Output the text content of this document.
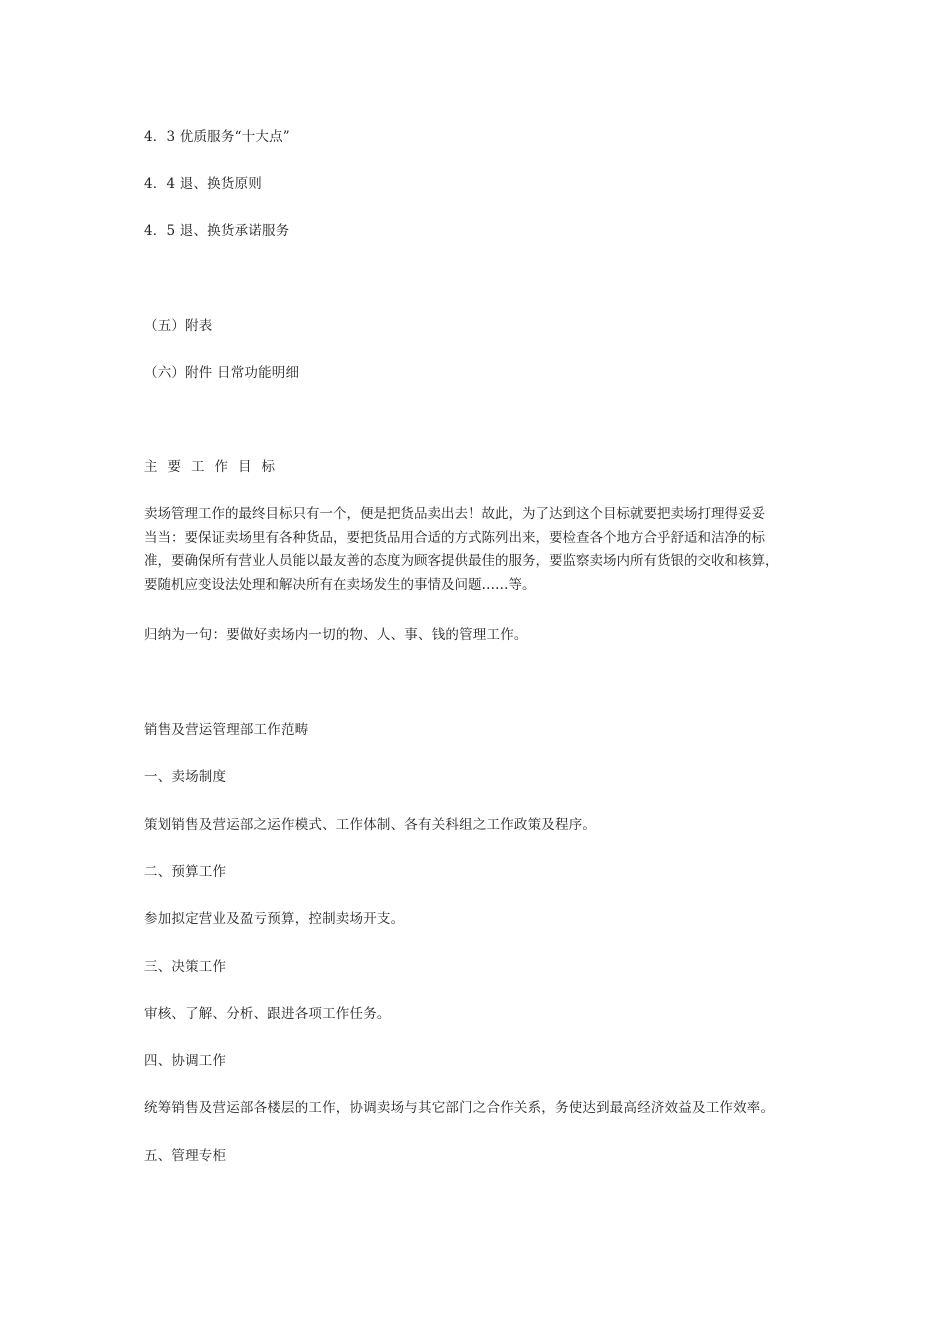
4．3 优质服务“十大点”
4．4 退、换货原则
4．5 退、换货承诺服务
（五）附表
（六）附件 日常功能明细
主要工作目标
卖场管理工作的最终目标只有一个，便是把货品卖出去！故此，为了达到这个目标就要把卖场打理得妥妥
当当：要保证卖场里有各种货品，要把货品用合适的方式陈列出来，要检查各个地方合乎舒适和洁净的标
准，要确保所有营业人员能以最友善的态度为顾客提供最佳的服务，要监察卖场内所有货银的交收和核算，
要随机应变设法处理和解决所有在卖场发生的事情及问题……等。
归纳为一句：要做好卖场内一切的物、人、事、钱的管理工作。
销售及营运管理部工作范畴
一、卖场制度
策划销售及营运部之运作模式、工作体制、各有关科组之工作政策及程序。
二、预算工作
参加拟定营业及盈亏预算，控制卖场开支。
三、决策工作
审核、了解、分析、跟进各项工作任务。
四、协调工作
统筹销售及营运部各楼层的工作，协调卖场与其它部门之合作关系，务使达到最高经济效益及工作效率。
五、管理专柜
